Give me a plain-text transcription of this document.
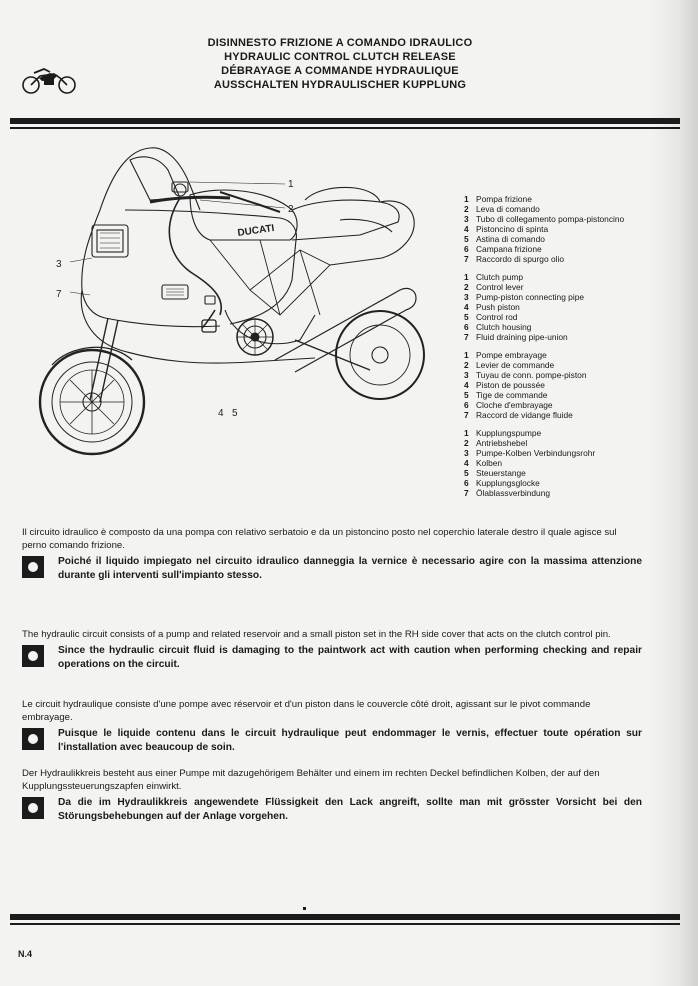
DISINNESTO FRIZIONE A COMANDO IDRAULICO
HYDRAULIC CONTROL CLUTCH RELEASE
DÉBRAYAGE A COMMANDE HYDRAULIQUE
AUSSCHALTEN HYDRAULISCHER KUPPLUNG
DUCATI
1
2
3
7
4 5
1 Pompa frizione
2 Leva di comando
3 Tubo di collegamento pompa-pistoncino
4 Pistoncino di spinta
5 Astina di comando
6 Campana frizione
7 Raccordo di spurgo olio
1 Clutch pump
2 Control lever
3 Pump-piston connecting pipe
4 Push piston
5 Control rod
6 Clutch housing
7 Fluid draining pipe-union
1 Pompe embrayage
2 Levier de commande
3 Tuyau de conn. pompe-piston
4 Piston de poussée
5 Tige de commande
6 Cloche d'embrayage
7 Raccord de vidange fluide
1 Kupplungspumpe
2 Antriebshebel
3 Pumpe-Kolben Verbindungsrohr
4 Kolben
5 Steuerstange
6 Kupplungsglocke
7 Ölablassverbindung

Il circuito idraulico è composto da una pompa con relativo serbatoio e da un pistoncino posto nel coperchio laterale destro il quale agisce sul perno comando frizione.

Poiché il liquido impiegato nel circuito idraulico danneggia la vernice è necessario agire con la massima attenzione durante gli interventi sull'impianto stesso.

The hydraulic circuit consists of a pump and related reservoir and a small piston set in the RH side cover that acts on the clutch control pin.

Since the hydraulic circuit fluid is damaging to the paintwork act with caution when performing checking and repair operations on the circuit.

Le circuit hydraulique consiste d'une pompe avec réservoir et d'un piston dans le couvercle côté droit, agissant sur le pivot commande embrayage.

Puisque le liquide contenu dans le circuit hydraulique peut endommager le vernis, effectuer toute opération sur l'installation avec beaucoup de soin.

Der Hydraulikkreis besteht aus einer Pumpe mit dazugehörigem Behälter und einem im rechten Deckel befindlichen Kolben, der auf den Kupplungssteuerungszapfen einwirkt.

Da die im Hydraulikkreis angewendete Flüssigkeit den Lack angreift, sollte man mit grösster Vorsicht bei den Störungsbehebungen auf der Anlage vorgehen.
N.4
